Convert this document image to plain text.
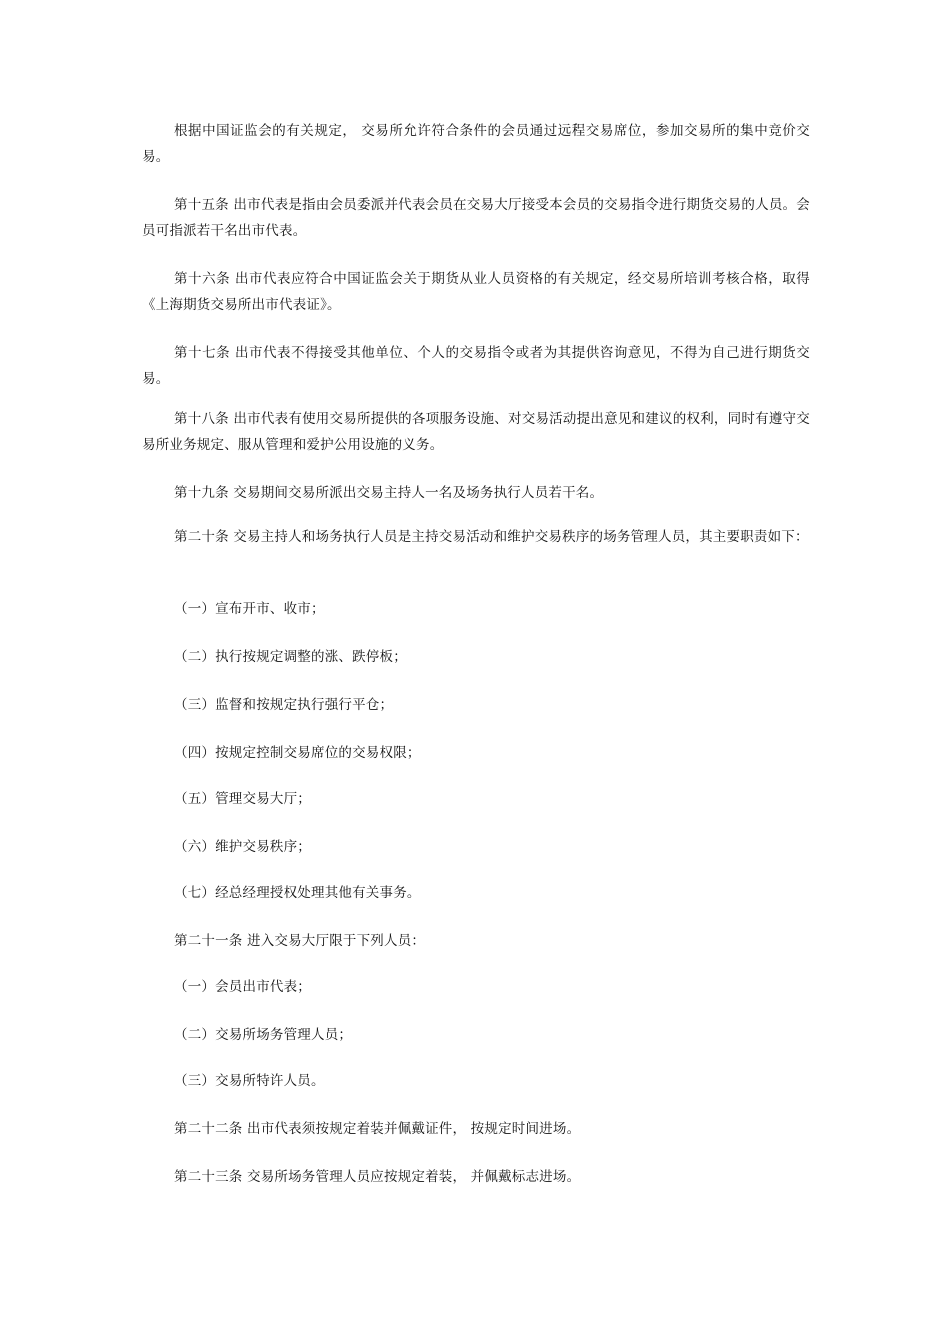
根据中国证监会的有关规定， 交易所允许符合条件的会员通过远程交易席位，参加交易所的集中竞价交易。

第十五条 出市代表是指由会员委派并代表会员在交易大厅接受本会员的交易指令进行期货交易的人员。会员可指派若干名出市代表。

第十六条 出市代表应符合中国证监会关于期货从业人员资格的有关规定，经交易所培训考核合格，取得《上海期货交易所出市代表证》。

第十七条 出市代表不得接受其他单位、个人的交易指令或者为其提供咨询意见，不得为自己进行期货交易。

第十八条 出市代表有使用交易所提供的各项服务设施、对交易活动提出意见和建议的权利，同时有遵守交易所业务规定、服从管理和爱护公用设施的义务。

第十九条 交易期间交易所派出交易主持人一名及场务执行人员若干名。

第二十条 交易主持人和场务执行人员是主持交易活动和维护交易秩序的场务管理人员，其主要职责如下：

（一）宣布开市、收市；

（二）执行按规定调整的涨、跌停板；

（三）监督和按规定执行强行平仓；

（四）按规定控制交易席位的交易权限；

（五）管理交易大厅；

（六）维护交易秩序；

（七）经总经理授权处理其他有关事务。

第二十一条 进入交易大厅限于下列人员：

（一）会员出市代表；

（二）交易所场务管理人员；

（三）交易所特许人员。

第二十二条 出市代表须按规定着装并佩戴证件， 按规定时间进场。

第二十三条 交易所场务管理人员应按规定着装， 并佩戴标志进场。
